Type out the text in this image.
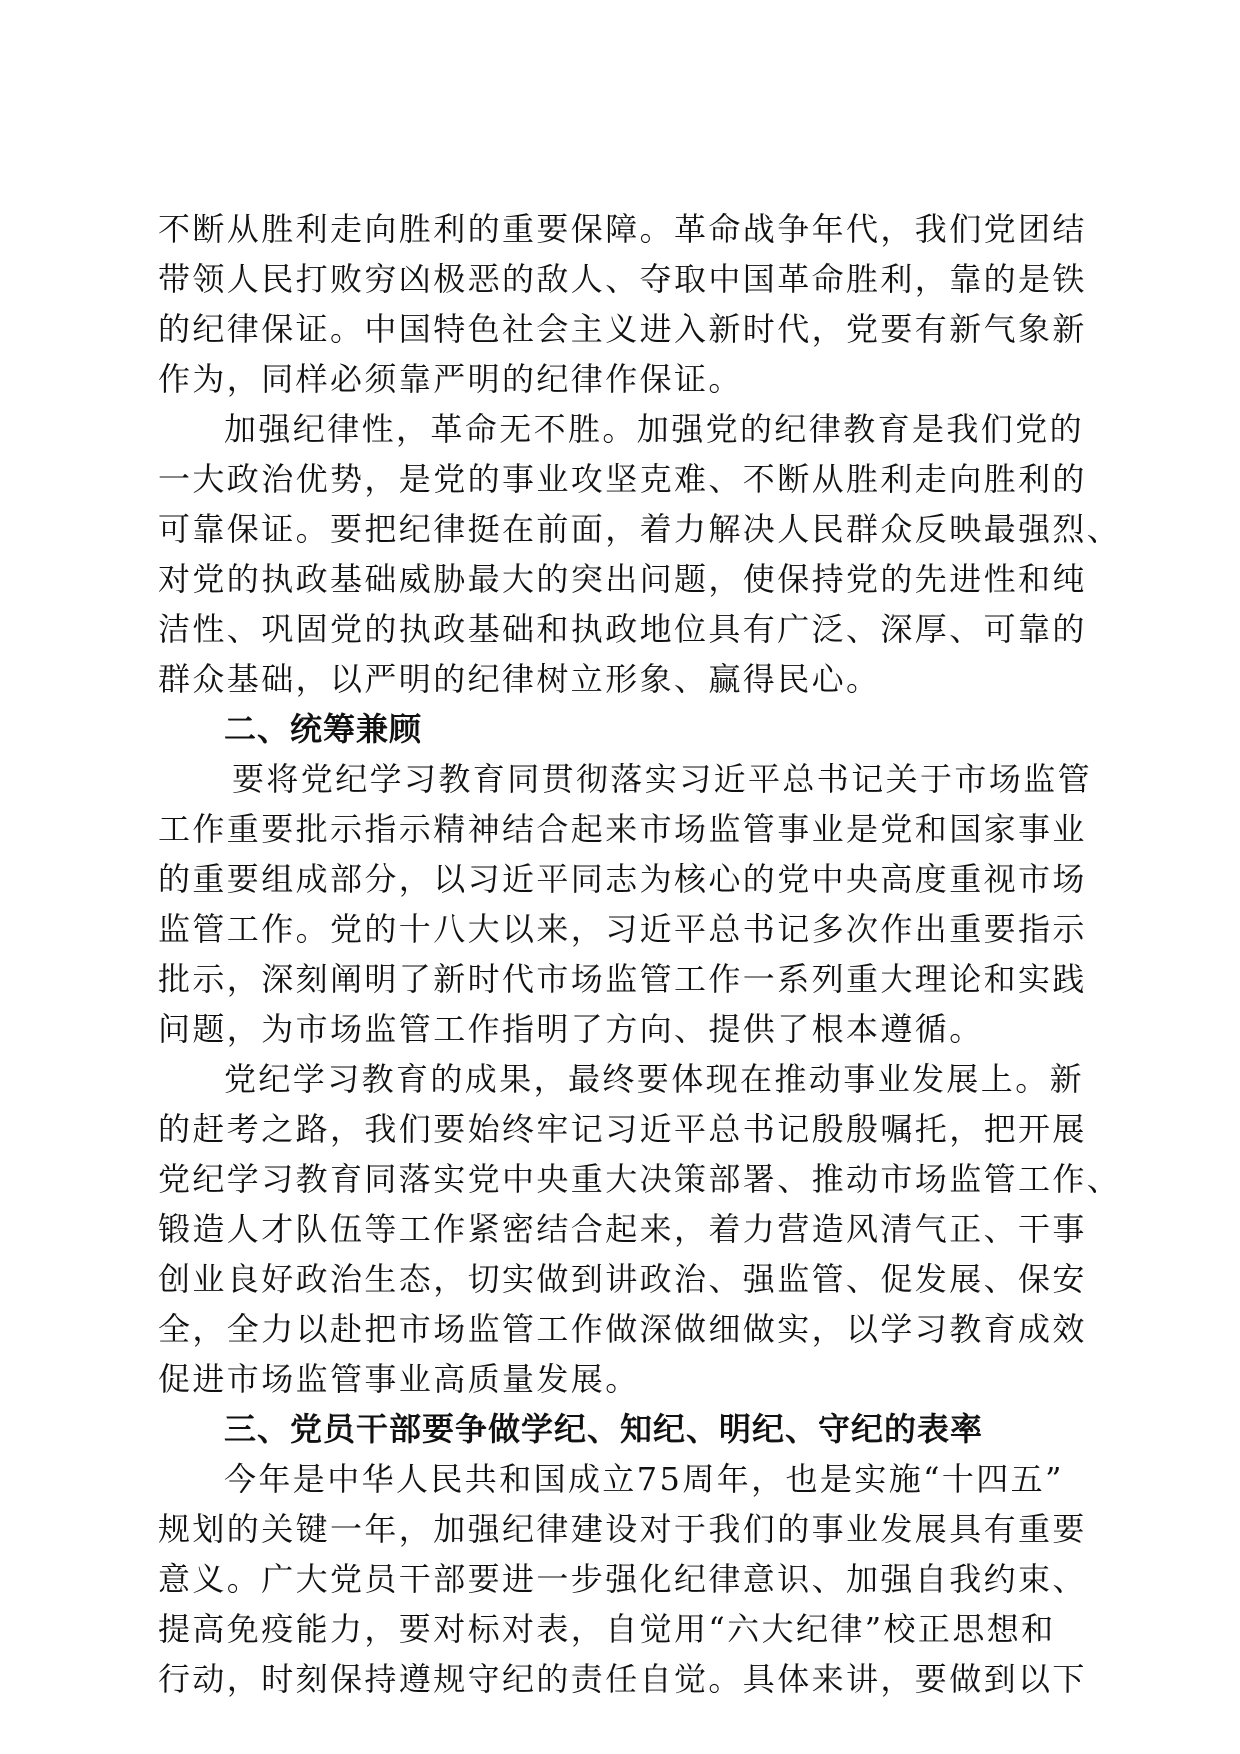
不断从胜利走向胜利的重要保障。革命战争年代，我们党团结
带领人民打败穷凶极恶的敌人、夺取中国革命胜利，靠的是铁
的纪律保证。中国特色社会主义进入新时代，党要有新气象新
作为，同样必须靠严明的纪律作保证。
加强纪律性，革命无不胜。加强党的纪律教育是我们党的
一大政治优势，是党的事业攻坚克难、不断从胜利走向胜利的
可靠保证。要把纪律挺在前面，着力解决人民群众反映最强烈、
对党的执政基础威胁最大的突出问题，使保持党的先进性和纯
洁性、巩固党的执政基础和执政地位具有广泛、深厚、可靠的
群众基础，以严明的纪律树立形象、赢得民心。
二、统筹兼顾
要将党纪学习教育同贯彻落实习近平总书记关于市场监管
工作重要批示指示精神结合起来市场监管事业是党和国家事业
的重要组成部分，以习近平同志为核心的党中央高度重视市场
监管工作。党的十八大以来，习近平总书记多次作出重要指示
批示，深刻阐明了新时代市场监管工作一系列重大理论和实践
问题，为市场监管工作指明了方向、提供了根本遵循。
党纪学习教育的成果，最终要体现在推动事业发展上。新
的赶考之路，我们要始终牢记习近平总书记殷殷嘱托，把开展
党纪学习教育同落实党中央重大决策部署、推动市场监管工作、
锻造人才队伍等工作紧密结合起来，着力营造风清气正、干事
创业良好政治生态，切实做到讲政治、强监管、促发展、保安
全，全力以赴把市场监管工作做深做细做实，以学习教育成效
促进市场监管事业高质量发展。
三、党员干部要争做学纪、知纪、明纪、守纪的表率
今年是中华人民共和国成立75周年，也是实施“十四五”
规划的关键一年，加强纪律建设对于我们的事业发展具有重要
意义。广大党员干部要进一步强化纪律意识、加强自我约束、
提高免疫能力，要对标对表，自觉用“六大纪律”校正思想和
行动，时刻保持遵规守纪的责任自觉。具体来讲，要做到以下
